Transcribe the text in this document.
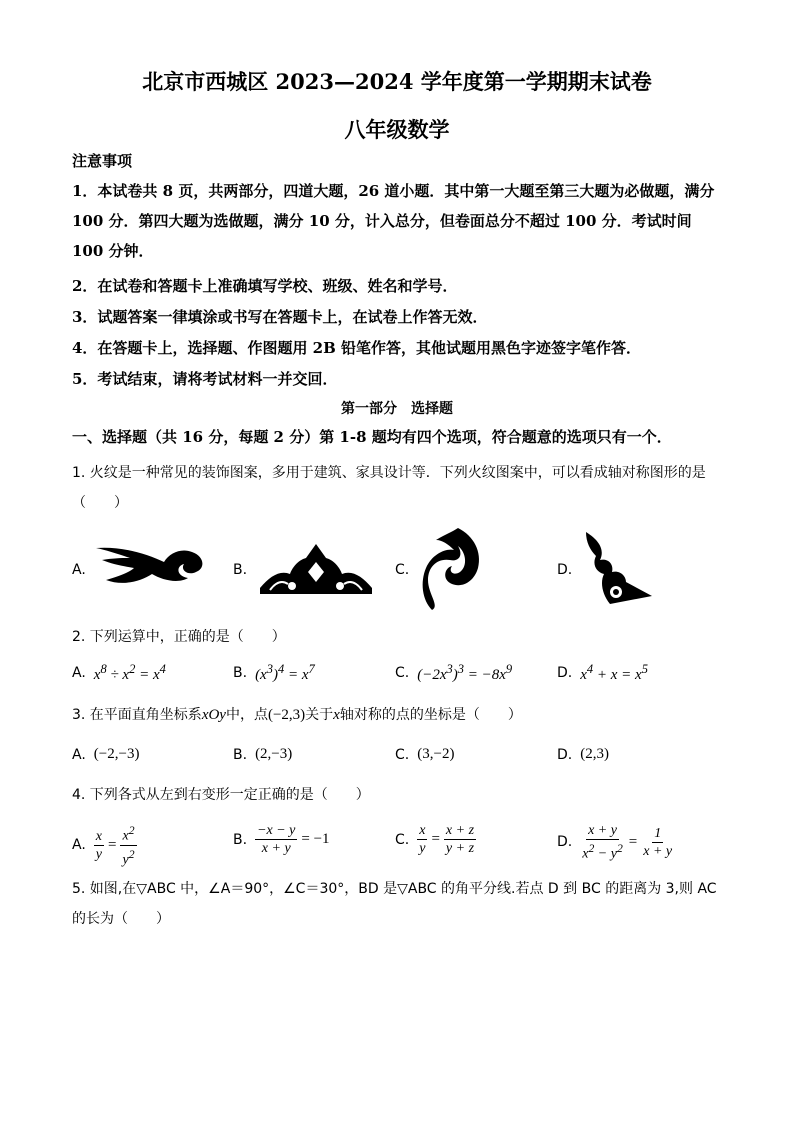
北京市西城区 2023—2024 学年度第一学期期末试卷
八年级数学
注意事项
1．本试卷共 8 页，共两部分，四道大题，26 道小题．其中第一大题至第三大题为必做题，满分 100 分．第四大题为选做题，满分 10 分，计入总分，但卷面总分不超过 100 分．考试时间 100 分钟．
2．在试卷和答题卡上准确填写学校、班级、姓名和学号．
3．试题答案一律填涂或书写在答题卡上，在试卷上作答无效．
4．在答题卡上，选择题、作图题用 2B 铅笔作答，其他试题用黑色字迹签字笔作答．
5．考试结束，请将考试材料一并交回．
第一部分　选择题
一、选择题（共 16 分，每题 2 分）第 1-8 题均有四个选项，符合题意的选项只有一个．
1. 火纹是一种常见的装饰图案，多用于建筑、家具设计等．下列火纹图案中，可以看成轴对称图形的是（　　）
A.	B.	C.	D.
2. 下列运算中，正确的是（　　）
A. $x^8 \div x^2 = x^4$	B. $(x^3)^4 = x^7$	C. $(-2x^3)^3 = -8x^9$	D. $x^4 + x = x^5$
3. 在平面直角坐标系xOy中，点(−2,3)关于x轴对称的点的坐标是（　　）
A. (−2,−3)	B. (2,−3)	C. (3,−2)	D. (2,3)
4. 下列各式从左到右变形一定正确的是（　　）
A. $\frac{x}{y} = \frac{x^2}{y^2}$	B. $\frac{-x - y}{x + y} = -1$	C. $\frac{x}{y} = \frac{x + z}{y + z}$	D. $\frac{x + y}{x^2 - y^2} = \frac{1}{x + y}$
5. 如图,在▽ABC 中，∠A＝90°，∠C＝30°，BD 是▽ABC 的角平分线.若点 D 到 BC 的距离为 3,则 AC 的长为（　　）
